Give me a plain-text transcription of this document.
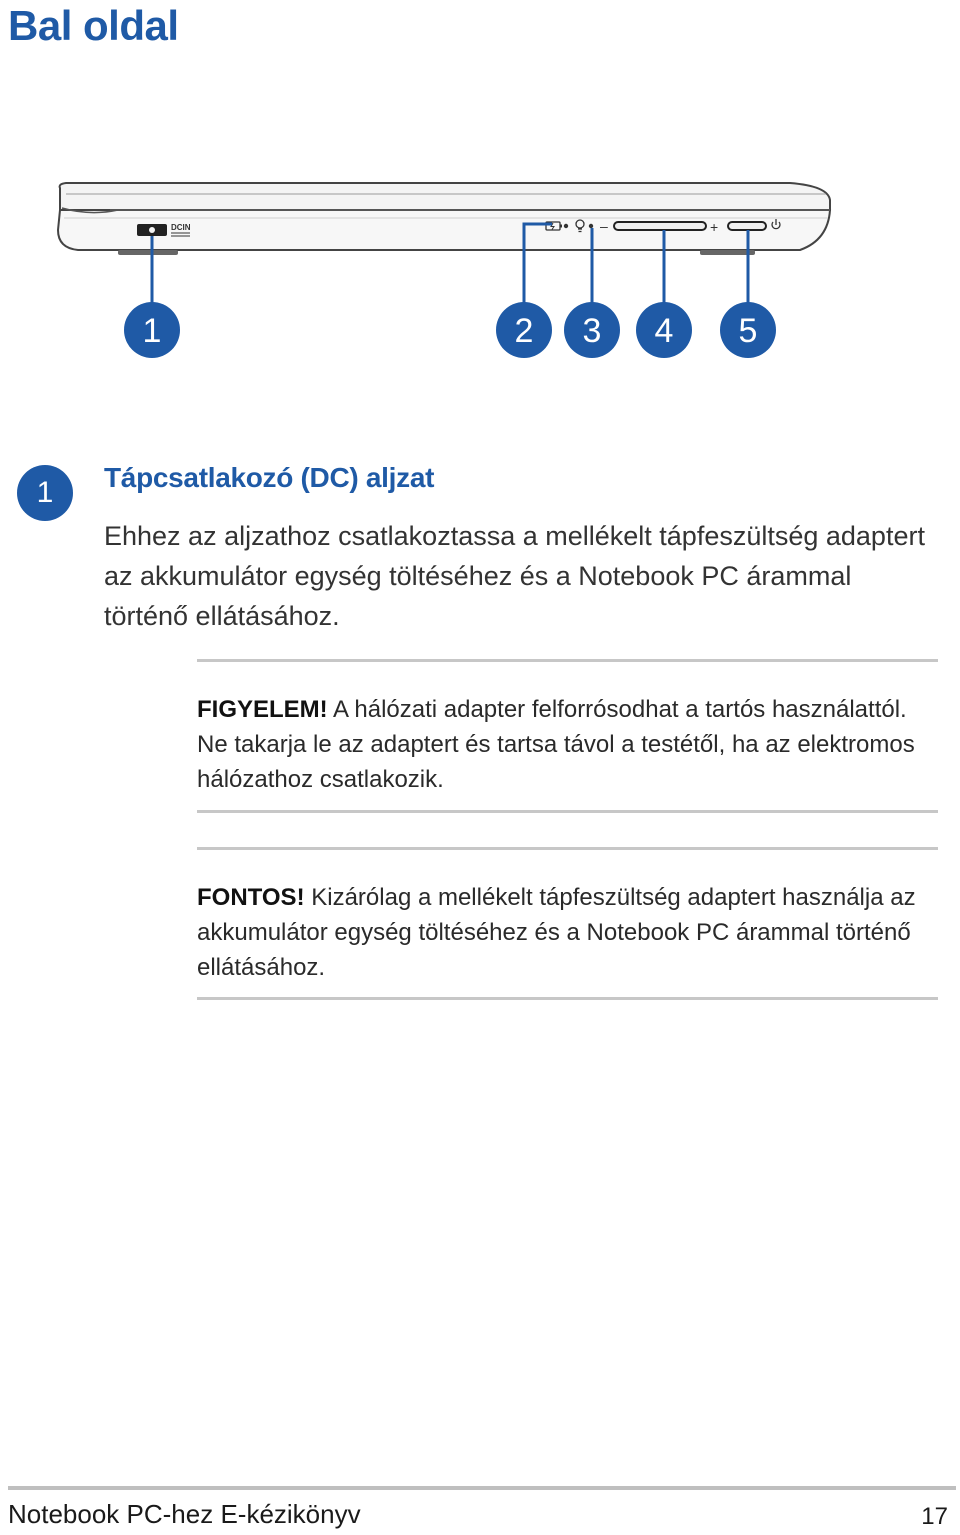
Bal oldal
DCIN	–	+
1	2 3 4 5
1	Tápcsatlakozó (DC) aljzat

Ehhez az aljzathoz csatlakoztassa a mellékelt tápfeszültség adaptert az akkumulátor egység töltéséhez és a Notebook PC árammal történő ellátásához.

FIGYELEM! A hálózati adapter felforrósodhat a tartós használattól. Ne takarja le az adaptert és tartsa távol a testétől, ha az elektromos hálózathoz csatlakozik.

FONTOS! Kizárólag a mellékelt tápfeszültség adaptert használja az akkumulátor egység töltéséhez és a Notebook PC árammal történő ellátásához.

Notebook PC-hez E-kézikönyv	17
